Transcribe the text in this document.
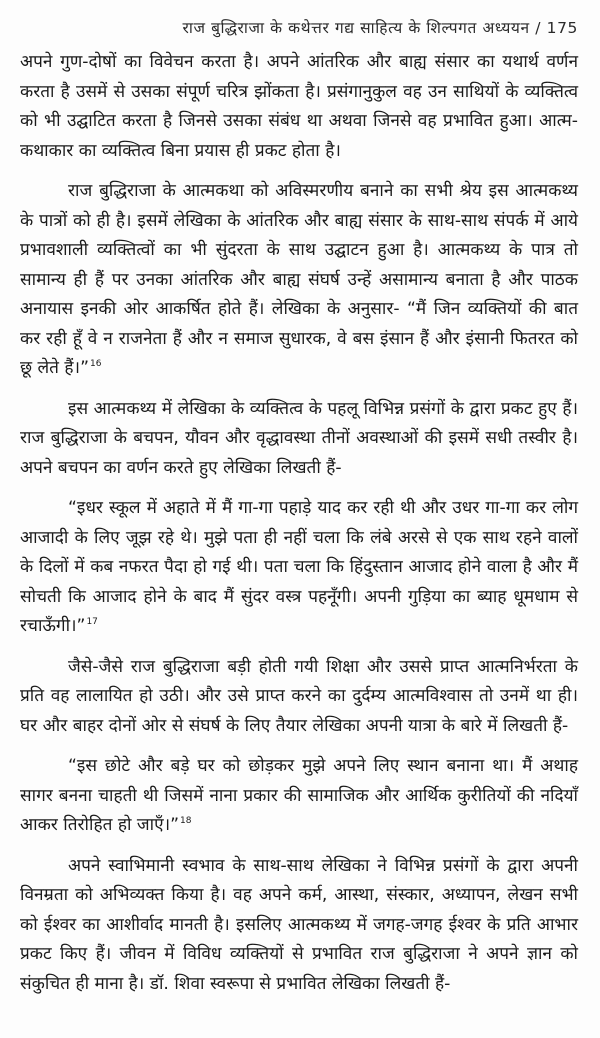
राज बुद्धिराजा के कथेत्तर गद्य साहित्य के शिल्पगत अध्ययन / 175

अपने गुण-दोषों का विवेचन करता है। अपने आंतरिक और बाह्य संसार का यथार्थ वर्णन करता है उसमें से उसका संपूर्ण चरित्र झोंकता है। प्रसंगानुकुल वह उन साथियों के व्यक्तित्व को भी उद्घाटित करता है जिनसे उसका संबंध था अथवा जिनसे वह प्रभावित हुआ। आत्म-कथाकार का व्यक्तित्व बिना प्रयास ही प्रकट होता है।

राज बुद्धिराजा के आत्मकथा को अविस्मरणीय बनाने का सभी श्रेय इस आत्मकथ्य के पात्रों को ही है। इसमें लेखिका के आंतरिक और बाह्य संसार के साथ-साथ संपर्क में आये प्रभावशाली व्यक्तित्वों का भी सुंदरता के साथ उद्घाटन हुआ है। आत्मकथ्य के पात्र तो सामान्य ही हैं पर उनका आंतरिक और बाह्य संघर्ष उन्हें असामान्य बनाता है और पाठक अनायास इनकी ओर आकर्षित होते हैं। लेखिका के अनुसार- “मैं जिन व्यक्तियों की बात कर रही हूँ वे न राजनेता हैं और न समाज सुधारक, वे बस इंसान हैं और इंसानी फितरत को छू लेते हैं।”$^{16}$

इस आत्मकथ्य में लेखिका के व्यक्तित्व के पहलू विभिन्न प्रसंगों के द्वारा प्रकट हुए हैं। राज बुद्धिराजा के बचपन, यौवन और वृद्धावस्था तीनों अवस्थाओं की इसमें सधी तस्वीर है। अपने बचपन का वर्णन करते हुए लेखिका लिखती हैं-

“इधर स्कूल में अहाते में मैं गा-गा पहाड़े याद कर रही थी और उधर गा-गा कर लोग आजादी के लिए जूझ रहे थे। मुझे पता ही नहीं चला कि लंबे अरसे से एक साथ रहने वालों के दिलों में कब नफरत पैदा हो गई थी। पता चला कि हिंदुस्तान आजाद होने वाला है और मैं सोचती कि आजाद होने के बाद मैं सुंदर वस्त्र पहनूँगी। अपनी गुड़िया का ब्याह धूमधाम से रचाऊँगी।”$^{17}$

जैसे-जैसे राज बुद्धिराजा बड़ी होती गयी शिक्षा और उससे प्राप्त आत्मनिर्भरता के प्रति वह लालायित हो उठी। और उसे प्राप्त करने का दुर्दम्य आत्मविश्वास तो उनमें था ही। घर और बाहर दोनों ओर से संघर्ष के लिए तैयार लेखिका अपनी यात्रा के बारे में लिखती हैं-

“इस छोटे और बड़े घर को छोड़कर मुझे अपने लिए स्थान बनाना था। मैं अथाह सागर बनना चाहती थी जिसमें नाना प्रकार की सामाजिक और आर्थिक कुरीतियों की नदियाँ आकर तिरोहित हो जाएँ।”$^{18}$

अपने स्वाभिमानी स्वभाव के साथ-साथ लेखिका ने विभिन्न प्रसंगों के द्वारा अपनी विनम्रता को अभिव्यक्त किया है। वह अपने कर्म, आस्था, संस्कार, अध्यापन, लेखन सभी को ईश्वर का आशीर्वाद मानती है। इसलिए आत्मकथ्य में जगह-जगह ईश्वर के प्रति आभार प्रकट किए हैं। जीवन में विविध व्यक्तियों से प्रभावित राज बुद्धिराजा ने अपने ज्ञान को संकुचित ही माना है। डॉ. शिवा स्वरूपा से प्रभावित लेखिका लिखती हैं-
